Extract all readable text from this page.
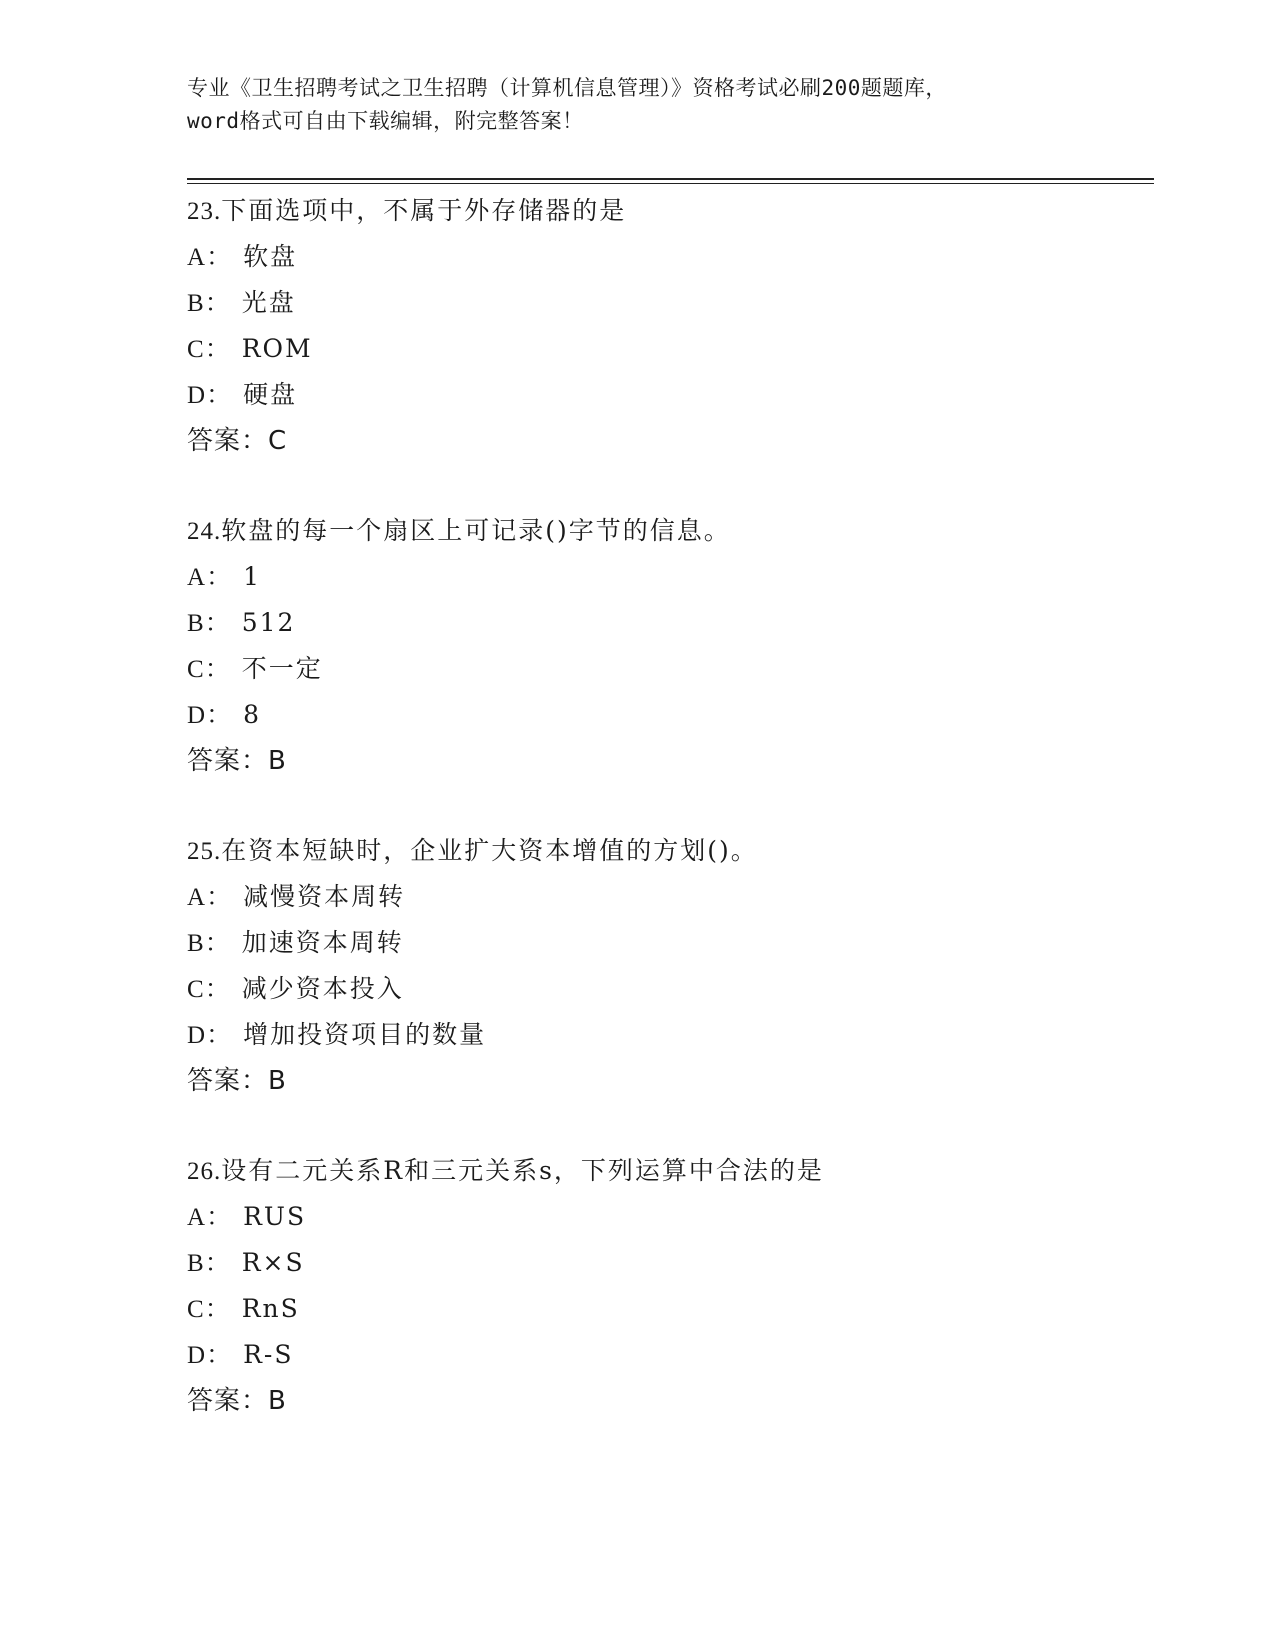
专业《卫生招聘考试之卫生招聘（计算机信息管理）》资格考试必刷200题题库，
word格式可自由下载编辑，附完整答案！
23.下面选项中，不属于外存储器的是
A： 软盘
B： 光盘
C： ROM
D： 硬盘
答案：C
24.软盘的每一个扇区上可记录()字节的信息。
A： 1
B： 512
C： 不一定
D： 8
答案：B
25.在资本短缺时，企业扩大资本增值的方划()。
A： 减慢资本周转
B： 加速资本周转
C： 减少资本投入
D： 增加投资项目的数量
答案：B
26.设有二元关系R和三元关系s，下列运算中合法的是
A： RUS
B： R×S
C： RnS
D： R-S
答案：B
